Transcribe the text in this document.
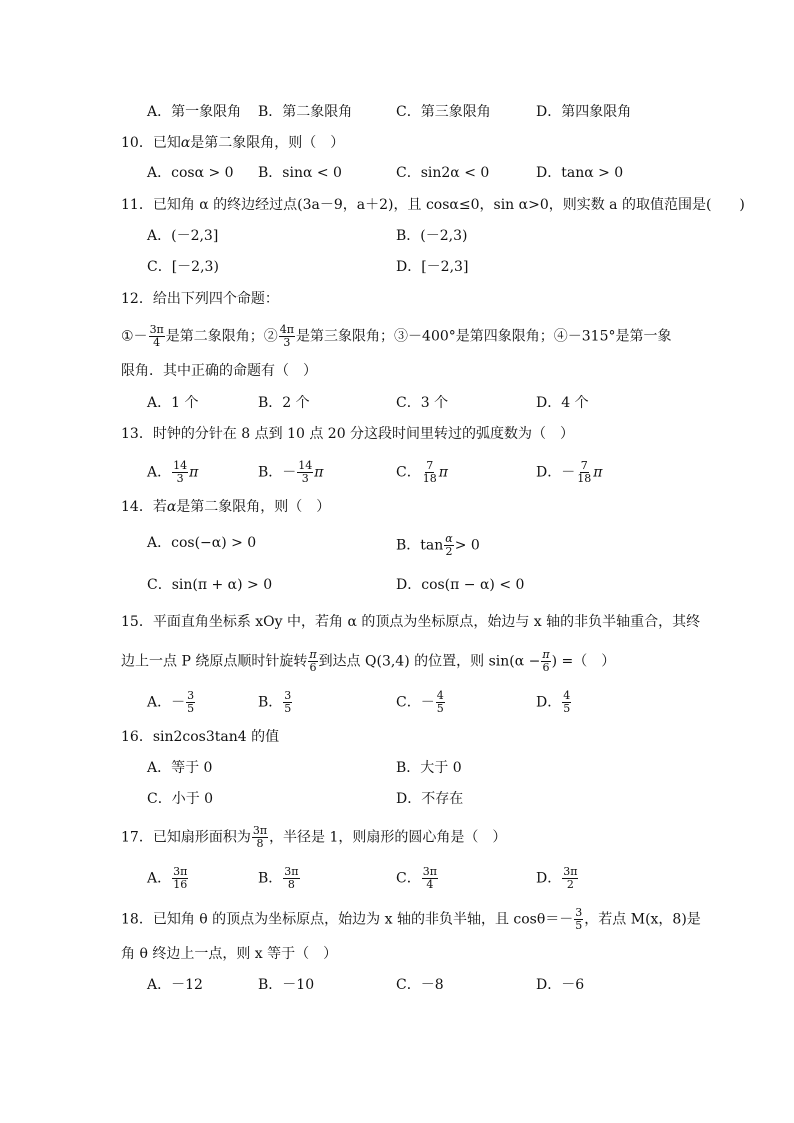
A．第一象限角 B．第二象限角	C．第三象限角	D．第四象限角
10．已知α是第二象限角，则（　）
A．cosα > 0 B．sinα < 0	C．sin2α < 0	D．tanα > 0
11．已知角 α 的终边经过点(3a－9，a＋2)，且 cosα≤0，sin α>0，则实数 a 的取值范围是(　　)
A．(－2,3]	B．(－2,3)
C．[－2,3)	D．[－2,3]
12．给出下列四个命题：
①－ $\frac{3\pi}{4}$ 是第二象限角；② $\frac{4\pi}{3}$ 是第三象限角；③－400°是第四象限角；④－315°是第一象
限角．其中正确的命题有（　）
A．1 个	B．2 个	C．3 个	D．4 个
13．时钟的分针在 8 点到 10 点 20 分这段时间里转过的弧度数为（　）
A． $\frac{14}{3}$ π	B．－ $\frac{14}{3}$ π	C． $\frac{7}{18}$ π	D．－ $\frac{7}{18}$ π
14．若α是第二象限角，则（　）
A．cos(−α) > 0	B．$\tan \frac{\alpha}{2} > 0$
C．sin(π + α) > 0	D．cos(π − α) < 0
15．平面直角坐标系 xOy 中，若角 α 的顶点为坐标原点，始边与 x 轴的非负半轴重合，其终
边上一点 P 绕原点顺时针旋转 $\frac{\pi}{6}$ 到达点 Q(3,4) 的位置，则 $\sin(\alpha - \frac{\pi}{6}$ ) =（　）
A．－ $\frac{3}{5}$	B． $\frac{3}{5}$	C．－ $\frac{4}{5}$	D． $\frac{4}{5}$
16．sin2cos3tan4 的值
A．等于 0	B．大于 0
C．小于 0	D．不存在
17．已知扇形面积为 $\frac{3\pi}{8}$ ，半径是 1，则扇形的圆心角是（　）
A． $\frac{3\pi}{16}$	B． $\frac{3\pi}{8}$	C． $\frac{3\pi}{4}$	D． $\frac{3\pi}{2}$
18．已知角 θ 的顶点为坐标原点，始边为 x 轴的非负半轴，且 $\cos\theta=- \frac{3}{5}$ ，若点 M(x，8)是
角 θ 终边上一点，则 x 等于（　）
A．－12	B．－10	C．－8	D．－6
